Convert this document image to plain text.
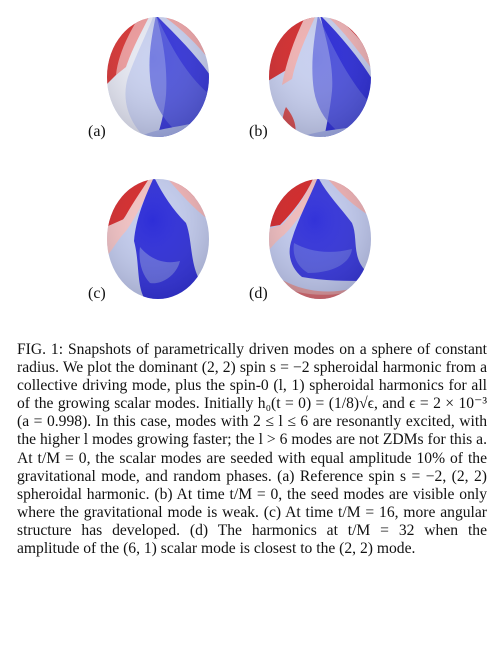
(a)	(b)
(c)	(d)

FIG. 1: Snapshots of parametrically driven modes on a sphere of constant radius. We plot the dominant (2, 2) spin s = −2 spheroidal harmonic from a collective driving mode, plus the spin-0 (l, 1) spheroidal harmonics for all of the growing scalar modes. Initially h₀(t = 0) = (1/8)√ϵ, and ϵ = 2 × 10⁻³ (a = 0.998). In this case, modes with 2 ≤ l ≤ 6 are resonantly excited, with the higher l modes growing faster; the l > 6 modes are not ZDMs for this a. At t/M = 0, the scalar modes are seeded with equal amplitude 10% of the gravitational mode, and random phases. (a) Reference spin s = −2, (2, 2) spheroidal harmonic. (b) At time t/M = 0, the seed modes are visible only where the gravitational mode is weak. (c) At time t/M = 16, more angular structure has developed. (d) The harmonics at t/M = 32 when the amplitude of the (6, 1) scalar mode is closest to the (2, 2) mode.
